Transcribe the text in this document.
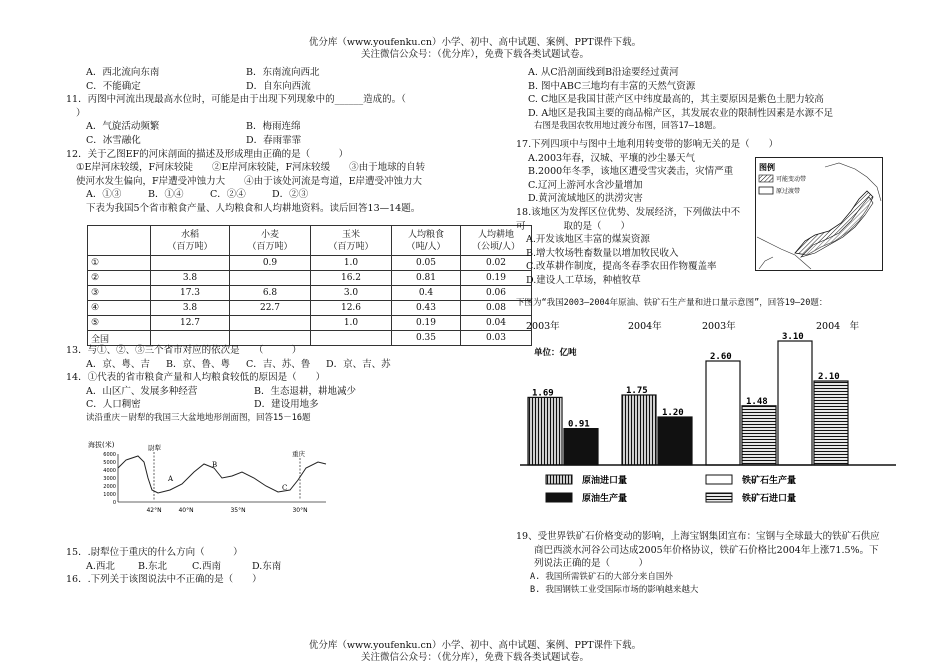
优分库（www.youfenku.cn）小学、初中、高中试题、案例、PPT课件下载。
关注微信公众号：（优分库），免费下载各类试题试卷。
A．西北流向东南	B．东南流向西北
C．不能确定	D．自东向西流
11．丙图中河流出现最高水位时，可能是由于出现下列现象中的______造成的。（
）
A．气旋活动频繁	B．梅雨连绵
C．冰雪融化	D．春雨霏霏
12．关于乙图EF的河床剖面的描述及形成理由正确的是（　　　）
①E岸河床较缓，F河床较陡　　②E岸河床较陡，F河床较缓　　③由于地球的自转
使河水发生偏向，F岸遭受冲蚀力大　　④由于该处河流是弯道，E岸遭受冲蚀力大
A．①③	B．①④	C．②④	D．②③
下表为我国5个省市粮食产量、人均粮食和人均耕地资料。读后回答13—14题。
	水稻
（百万吨）	小麦
（百万吨）	玉米
（百万吨）	人均粮食
（吨/人）	人均耕地
（公顷/人）
①		0.9	1.0	0.05	0.02
②	3.8		16.2	0.81	0.19
③	17.3	6.8	3.0	0.4	0.06
④	3.8	22.7	12.6	0.43	0.08
⑤	12.7		1.0	0.19	0.04
全国				0.35	0.03
13．与①、②、③三个省市对应的依次是　　（　　　）
A．京、粤、吉 B．京、鲁、粤 C．吉、苏、鲁 D．京、吉、苏
14．①代表的省市粮食产量和人均粮食较低的原因是（　　）
A．山区广、发展多种经营	B．生态退耕，耕地减少
C．人口稠密	D．建设用地多
读沿重庆－尉犁的我国三大盆地地形剖面图，回答15－16题
海拔(米)
6000
5000
4000
3000
2000
1000
0
尉犁
重庆
A
B
C
42°N	40°N	35°N	30°N
15．.尉犁位于重庆的什么方向（　　　）
A.西北 B.东北	C.西南	D.东南
16．.下列关于该图说法中不正确的是（　　）
A. 从C沿剖面线到B沿途要经过黄河
B. 图中ABC三地均有丰富的天然气资源
C. C地区是我国甘蔗产区中纬度最高的，其主要原因是紫色土肥力较高
D. A地区是我国主要的商品棉产区，其发展农业的限制性因素是水源不足
右图是我国农牧用地过渡分布图，回答17—18题。
17.下列四项中与图中土地利用转变带的影响无关的是（　　）
A.2003年春，汉城、平壤的沙尘暴天气
B.2000年冬季，该地区遭受雪灾袭击，灾情严重
C.辽河上游河水含沙量增加
D.黄河流域地区的洪涝灾害
18.该地区为发挥区位优势、发展经济，下列做法中不
可　　　　取的是（　　）
A.开发该地区丰富的煤炭资源
B.增大牧场牲畜数量以增加牧民收入
C.改革耕作制度，提高冬春季农田作物覆盖率
D.建设人工草场，种植牧草
图例
可能变动带
原过渡带
下图为“我国2003—2004年原油、铁矿石生产量和进口量示意图”，回答19—20题：
2003年	2004年	2003年	2004　年
单位：亿吨
1.69
0.91
1.75
1.20
2.60
1.48
3.10
2.10
原油进口量
原油生产量
铁矿石生产量
铁矿石进口量
19、受世界铁矿石价格变动的影响，上海宝钢集团宣布：宝钢与全球最大的铁矿石供应
商巴西淡水河谷公司达成2005年价格协议，铁矿石价格比2004年上涨71.5%。下
列说法正确的是（　　　）
A. 我国所需铁矿石的大部分来自国外
B. 我国钢铁工业受国际市场的影响越来越大
优分库（www.youfenku.cn）小学、初中、高中试题、案例、PPT课件下载。
关注微信公众号：（优分库），免费下载各类试题试卷。
